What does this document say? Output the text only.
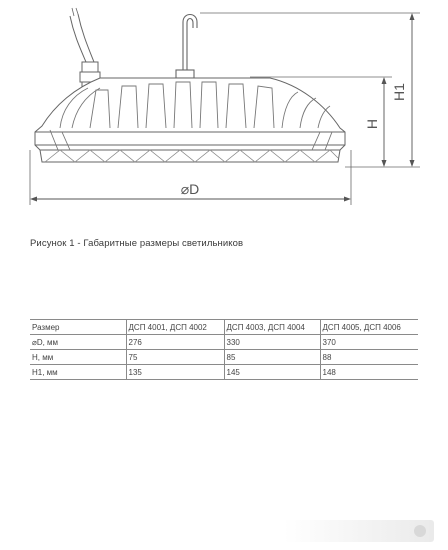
H1
H
⌀D
Рисунок 1 - Габаритные размеры светильников
Размер	ДСП 4001, ДСП 4002	ДСП 4003, ДСП 4004	ДСП 4005, ДСП 4006
⌀D, мм	276	330	370
H, мм	75	85	88
H1, мм	135	145	148
